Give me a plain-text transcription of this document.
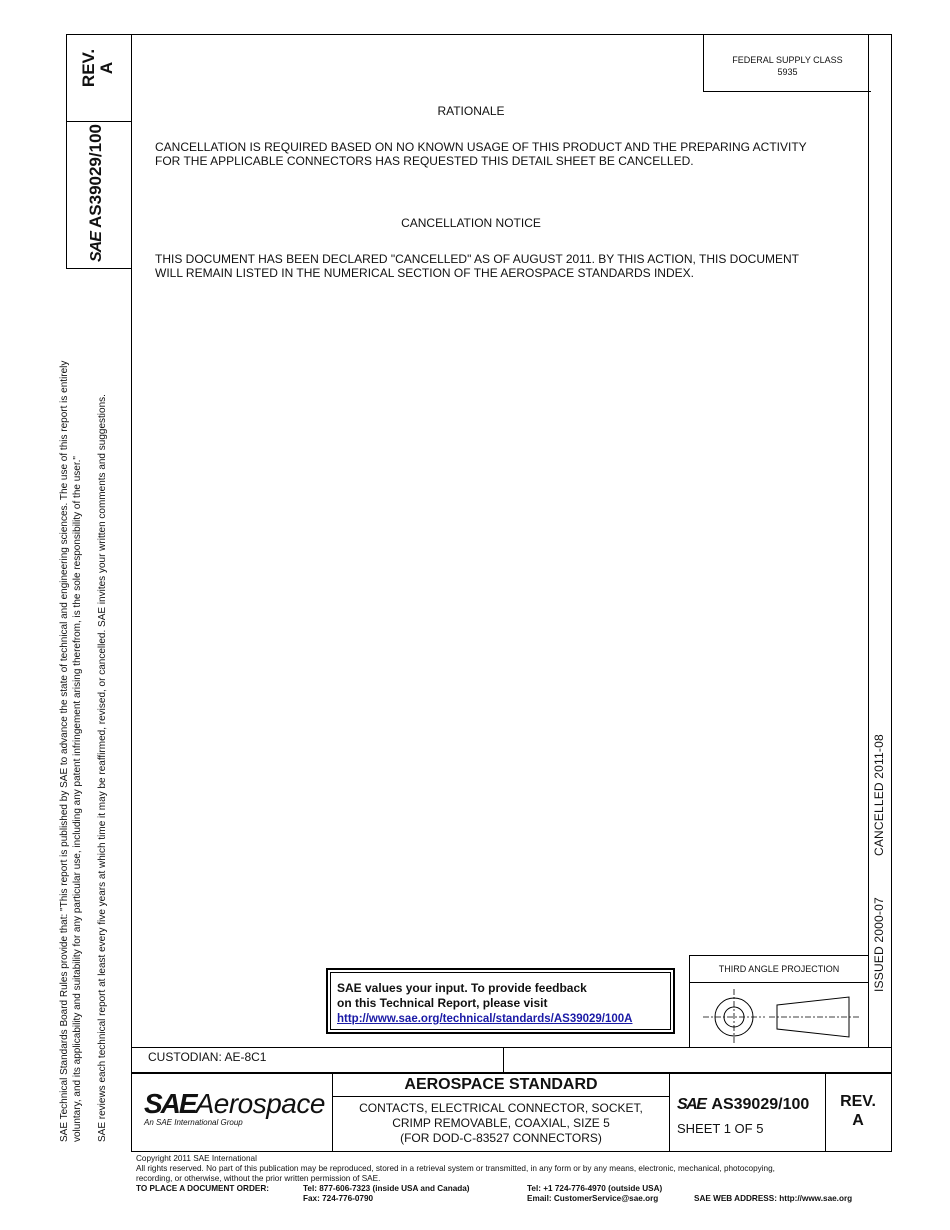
SAE Technical Standards Board Rules provide that: "This report is published by SAE to advance the state of technical and engineering sciences. The use of this report is entirely voluntary, and its applicability and suitability for any particular use, including any patent infringement arising therefrom, is the sole responsibility of the user." SAE reviews each technical report at least every five years at which time it may be reaffirmed, revised, or cancelled. SAE invites your written comments and suggestions.
REV. A
SAE AS39029/100
ISSUED 2000-07  CANCELLED 2011-08
FEDERAL SUPPLY CLASS
5935
RATIONALE
CANCELLATION IS REQUIRED BASED ON NO KNOWN USAGE OF THIS PRODUCT AND THE PREPARING ACTIVITY
FOR THE APPLICABLE CONNECTORS HAS REQUESTED THIS DETAIL SHEET BE CANCELLED.
CANCELLATION NOTICE
THIS DOCUMENT HAS BEEN DECLARED "CANCELLED" AS OF AUGUST 2011. BY THIS ACTION, THIS DOCUMENT
WILL REMAIN LISTED IN THE NUMERICAL SECTION OF THE AEROSPACE STANDARDS INDEX.
SAE values your input. To provide feedback
on this Technical Report, please visit
http://www.sae.org/technical/standards/AS39029/100A
THIRD ANGLE PROJECTION
CUSTODIAN: AE-8C1
SAEAerospace
An SAE International Group
AEROSPACE STANDARD
CONTACTS, ELECTRICAL CONNECTOR, SOCKET,
CRIMP REMOVABLE, COAXIAL, SIZE 5
(FOR DOD-C-83527 CONNECTORS)
SAE AS39029/100
SHEET 1 OF 5
REV.
A
Copyright 2011 SAE International
All rights reserved. No part of this publication may be reproduced, stored in a retrieval system or transmitted, in any form or by any means, electronic, mechanical, photocopying,
recording, or otherwise, without the prior written permission of SAE.
TO PLACE A DOCUMENT ORDER:	Tel: 877-606-7323 (inside USA and Canada)
Fax: 724-776-0790
Tel: +1 724-776-4970 (outside USA)
Email: CustomerService@sae.org	SAE WEB ADDRESS: http://www.sae.org
